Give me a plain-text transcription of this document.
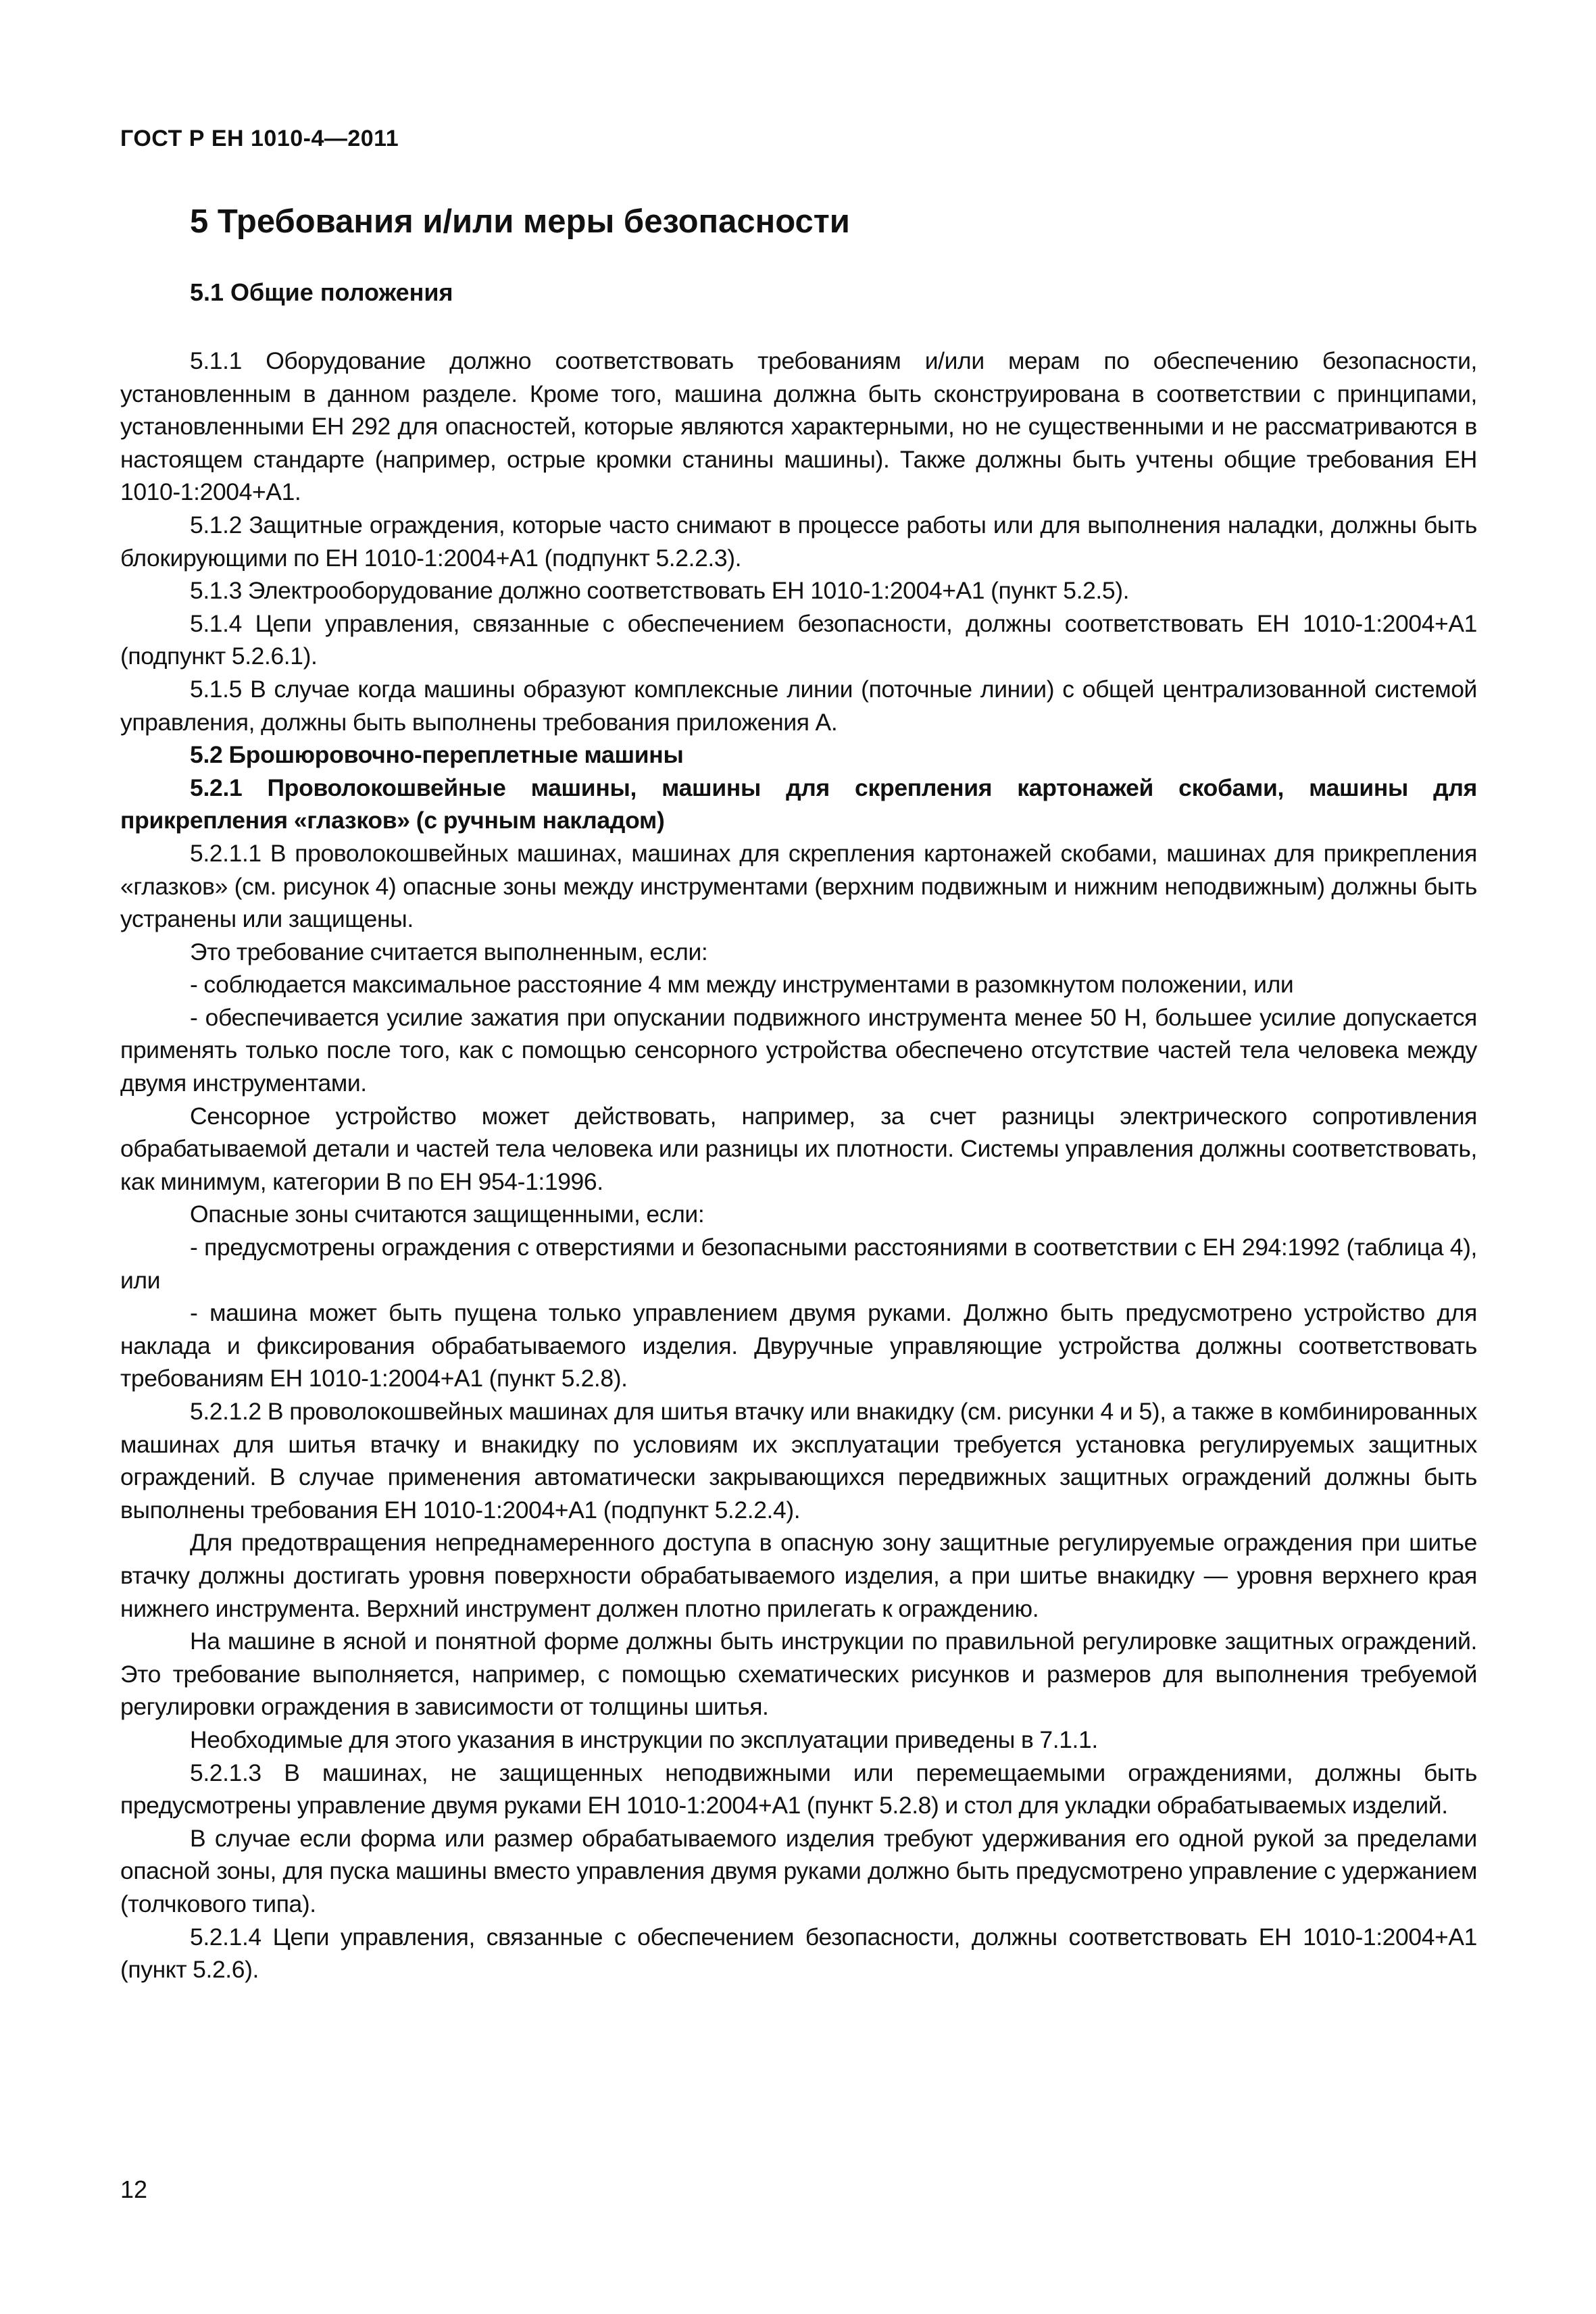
ГОСТ Р ЕН 1010-4—2011
5 Требования и/или меры безопасности
5.1 Общие положения

5.1.1 Оборудование должно соответствовать требованиям и/или мерам по обеспечению безопасности, установленным в данном разделе. Кроме того, машина должна быть сконструирована в соответствии с принципами, установленными ЕН 292 для опасностей, которые являются характерными, но не существенными и не рассматриваются в настоящем стандарте (например, острые кромки станины машины). Также должны быть учтены общие требования ЕН 1010-1:2004+А1.

5.1.2 Защитные ограждения, которые часто снимают в процессе работы или для выполнения наладки, должны быть блокирующими по ЕН 1010-1:2004+А1 (подпункт 5.2.2.3).

5.1.3 Электрооборудование должно соответствовать ЕН 1010-1:2004+А1 (пункт 5.2.5).

5.1.4 Цепи управления, связанные с обеспечением безопасности, должны соответствовать ЕН 1010-1:2004+А1 (подпункт 5.2.6.1).

5.1.5 В случае когда машины образуют комплексные линии (поточные линии) с общей централизованной системой управления, должны быть выполнены требования приложения А.

5.2 Брошюровочно-переплетные машины

5.2.1 Проволокошвейные машины, машины для скрепления картонажей скобами, машины для прикрепления «глазков» (с ручным накладом)

5.2.1.1 В проволокошвейных машинах, машинах для скрепления картонажей скобами, машинах для прикрепления «глазков» (см. рисунок 4) опасные зоны между инструментами (верхним подвижным и нижним неподвижным) должны быть устранены или защищены.

Это требование считается выполненным, если:

- соблюдается максимальное расстояние 4 мм между инструментами в разомкнутом положении, или

- обеспечивается усилие зажатия при опускании подвижного инструмента менее 50 Н, большее усилие допускается применять только после того, как с помощью сенсорного устройства обеспечено отсутствие частей тела человека между двумя инструментами.

Сенсорное устройство может действовать, например, за счет разницы электрического сопротивления обрабатываемой детали и частей тела человека или разницы их плотности. Системы управления должны соответствовать, как минимум, категории В по ЕН 954-1:1996.

Опасные зоны считаются защищенными, если:

- предусмотрены ограждения с отверстиями и безопасными расстояниями в соответствии с ЕН 294:1992 (таблица 4), или

- машина может быть пущена только управлением двумя руками. Должно быть предусмотрено устройство для наклада и фиксирования обрабатываемого изделия. Двуручные управляющие устройства должны соответствовать требованиям ЕН 1010-1:2004+А1 (пункт 5.2.8).

5.2.1.2 В проволокошвейных машинах для шитья втачку или внакидку (см. рисунки 4 и 5), а также в комбинированных машинах для шитья втачку и внакидку по условиям их эксплуатации требуется установка регулируемых защитных ограждений. В случае применения автоматически закрывающихся передвижных защитных ограждений должны быть выполнены требования ЕН 1010-1:2004+А1 (подпункт 5.2.2.4).

Для предотвращения непреднамеренного доступа в опасную зону защитные регулируемые ограждения при шитье втачку должны достигать уровня поверхности обрабатываемого изделия, а при шитье внакидку — уровня верхнего края нижнего инструмента. Верхний инструмент должен плотно прилегать к ограждению.

На машине в ясной и понятной форме должны быть инструкции по правильной регулировке защитных ограждений. Это требование выполняется, например, с помощью схематических рисунков и размеров для выполнения требуемой регулировки ограждения в зависимости от толщины шитья.

Необходимые для этого указания в инструкции по эксплуатации приведены в 7.1.1.

5.2.1.3 В машинах, не защищенных неподвижными или перемещаемыми ограждениями, должны быть предусмотрены управление двумя руками ЕН 1010-1:2004+А1 (пункт 5.2.8) и стол для укладки обрабатываемых изделий.

В случае если форма или размер обрабатываемого изделия требуют удерживания его одной рукой за пределами опасной зоны, для пуска машины вместо управления двумя руками должно быть предусмотрено управление с удержанием (толчкового типа).

5.2.1.4 Цепи управления, связанные с обеспечением безопасности, должны соответствовать ЕН 1010-1:2004+А1 (пункт 5.2.6).

12
